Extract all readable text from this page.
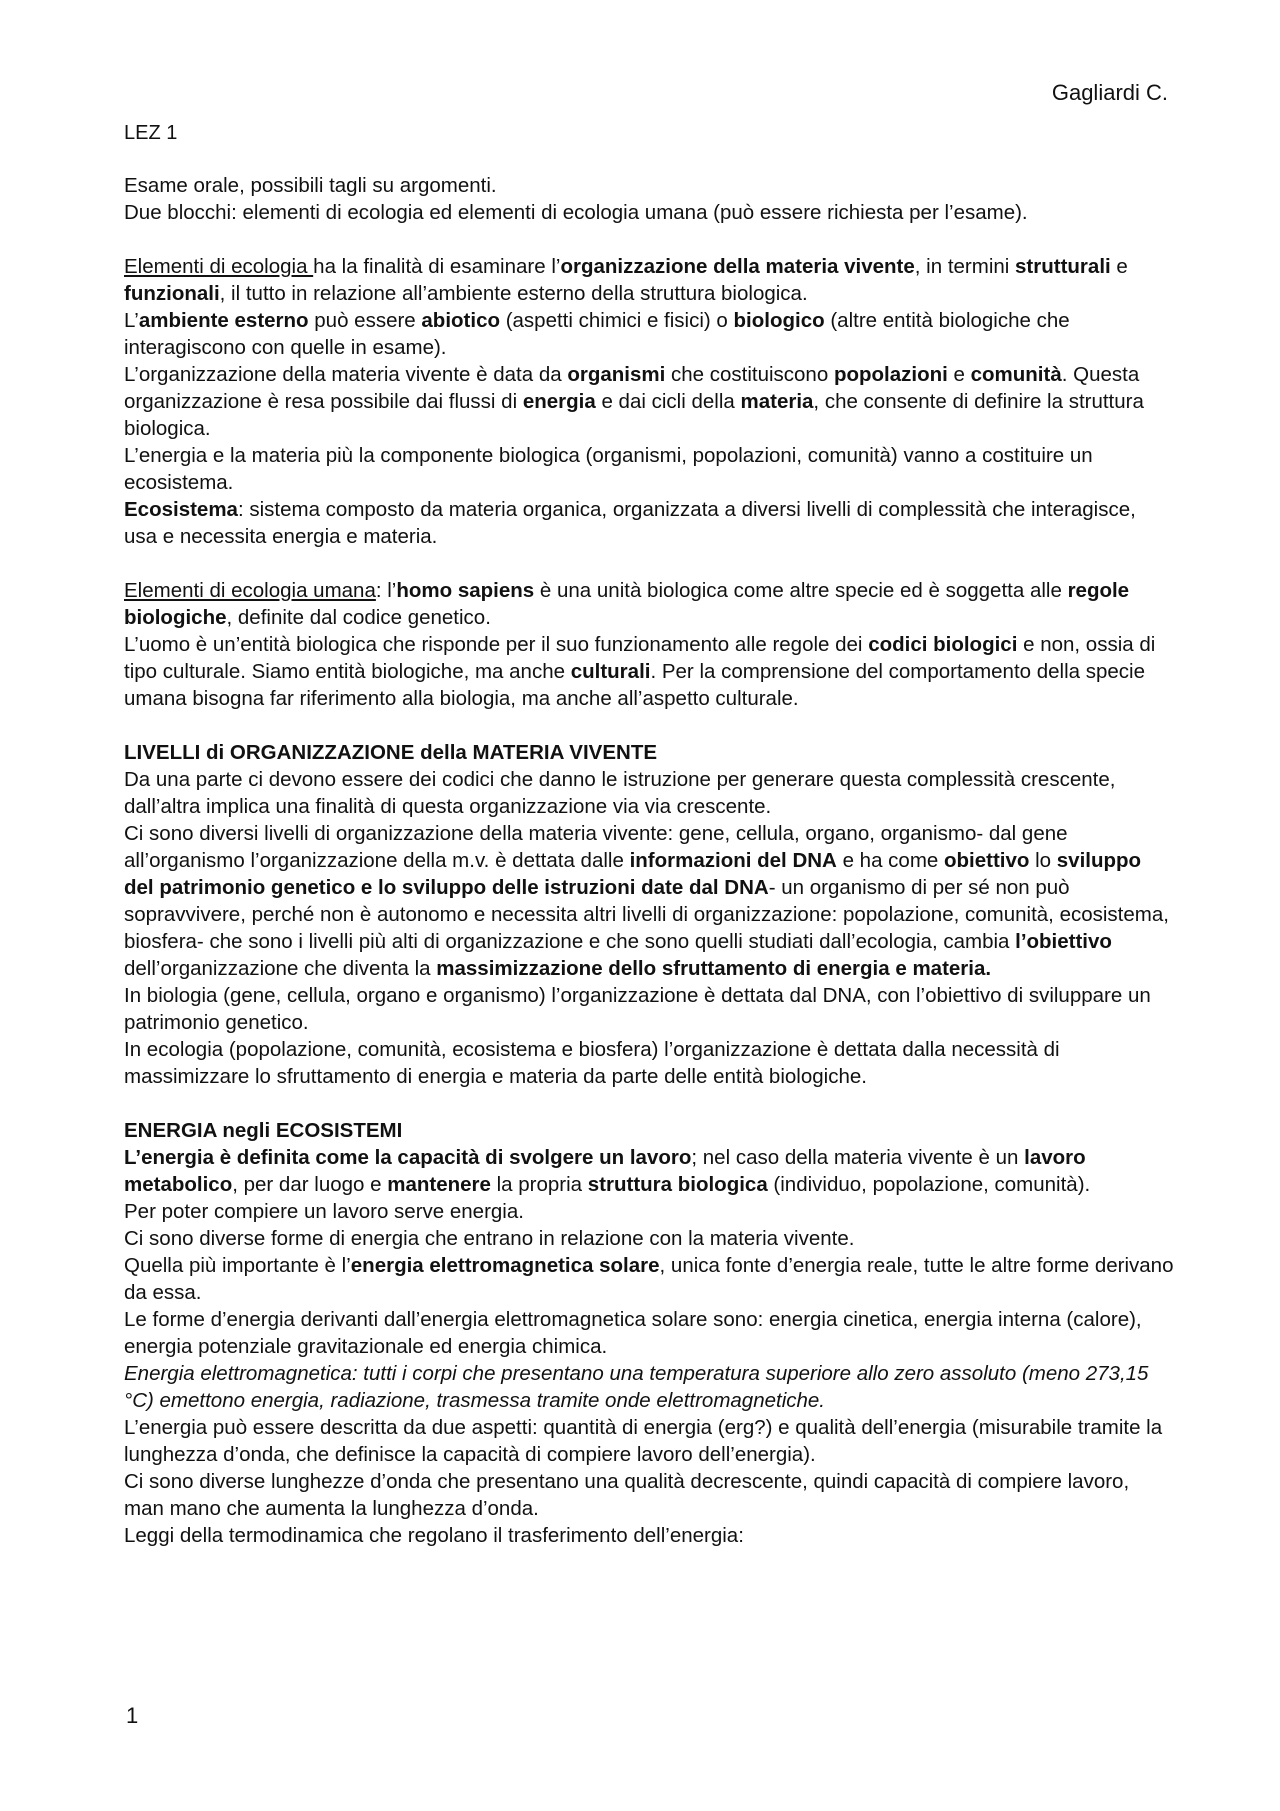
Gagliardi C.
LEZ 1

Esame orale, possibili tagli su argomenti.
Due blocchi: elementi di ecologia ed elementi di ecologia umana (può essere richiesta per l’esame).

Elementi di ecologia ha la finalità di esaminare l’organizzazione della materia vivente, in termini strutturali e funzionali, il tutto in relazione all’ambiente esterno della struttura biologica.
L’ambiente esterno può essere abiotico (aspetti chimici e fisici) o biologico (altre entità biologiche che interagiscono con quelle in esame).
L’organizzazione della materia vivente è data da organismi che costituiscono popolazioni e comunità. Questa organizzazione è resa possibile dai flussi di energia e dai cicli della materia, che consente di definire la struttura biologica.
L’energia e la materia più la componente biologica (organismi, popolazioni, comunità) vanno a costituire un ecosistema.

Ecosistema: sistema composto da materia organica, organizzata a diversi livelli di complessità che interagisce, usa e necessita energia e materia.

Elementi di ecologia umana: l’homo sapiens è una unità biologica come altre specie ed è soggetta alle regole biologiche, definite dal codice genetico.

L’uomo è un’entità biologica che risponde per il suo funzionamento alle regole dei codici biologici e non, ossia di tipo culturale. Siamo entità biologiche, ma anche culturali. Per la comprensione del comportamento della specie umana bisogna far riferimento alla biologia, ma anche all’aspetto culturale.

LIVELLI di ORGANIZZAZIONE della MATERIA VIVENTE
Da una parte ci devono essere dei codici che danno le istruzione per generare questa complessità crescente, dall’altra implica una finalità di questa organizzazione via via crescente.
Ci sono diversi livelli di organizzazione della materia vivente: gene, cellula, organo, organismo- dal gene all’organismo l’organizzazione della m.v. è dettata dalle informazioni del DNA e ha come obiettivo lo sviluppo del patrimonio genetico e lo sviluppo delle istruzioni date dal DNA- un organismo di per sé non può sopravvivere, perché non è autonomo e necessita altri livelli di organizzazione: popolazione, comunità, ecosistema, biosfera- che sono i livelli più alti di organizzazione e che sono quelli studiati dall’ecologia, cambia l’obiettivo dell’organizzazione che diventa la massimizzazione dello sfruttamento di energia e materia.
In biologia (gene, cellula, organo e organismo) l’organizzazione è dettata dal DNA, con l’obiettivo di sviluppare un patrimonio genetico.

In ecologia (popolazione, comunità, ecosistema e biosfera) l’organizzazione è dettata dalla necessità di massimizzare lo sfruttamento di energia e materia da parte delle entità biologiche.

ENERGIA negli ECOSISTEMI
L’energia è definita come la capacità di svolgere un lavoro; nel caso della materia vivente è un lavoro metabolico, per dar luogo e mantenere la propria struttura biologica (individuo, popolazione, comunità).
Per poter compiere un lavoro serve energia.
Ci sono diverse forme di energia che entrano in relazione con la materia vivente.
Quella più importante è l’energia elettromagnetica solare, unica fonte d’energia reale, tutte le altre forme derivano da essa.
Le forme d’energia derivanti dall’energia elettromagnetica solare sono: energia cinetica, energia interna (calore), energia potenziale gravitazionale ed energia chimica.
Energia elettromagnetica: tutti i corpi che presentano una temperatura superiore allo zero assoluto (meno 273,15 °C) emettono energia, radiazione, trasmessa tramite onde elettromagnetiche.
L’energia può essere descritta da due aspetti: quantità di energia (erg?) e qualità dell’energia (misurabile tramite la lunghezza d’onda, che definisce la capacità di compiere lavoro dell’energia).
Ci sono diverse lunghezze d’onda che presentano una qualità decrescente, quindi capacità di compiere lavoro, man mano che aumenta la lunghezza d’onda.
Leggi della termodinamica che regolano il trasferimento dell’energia:
1
